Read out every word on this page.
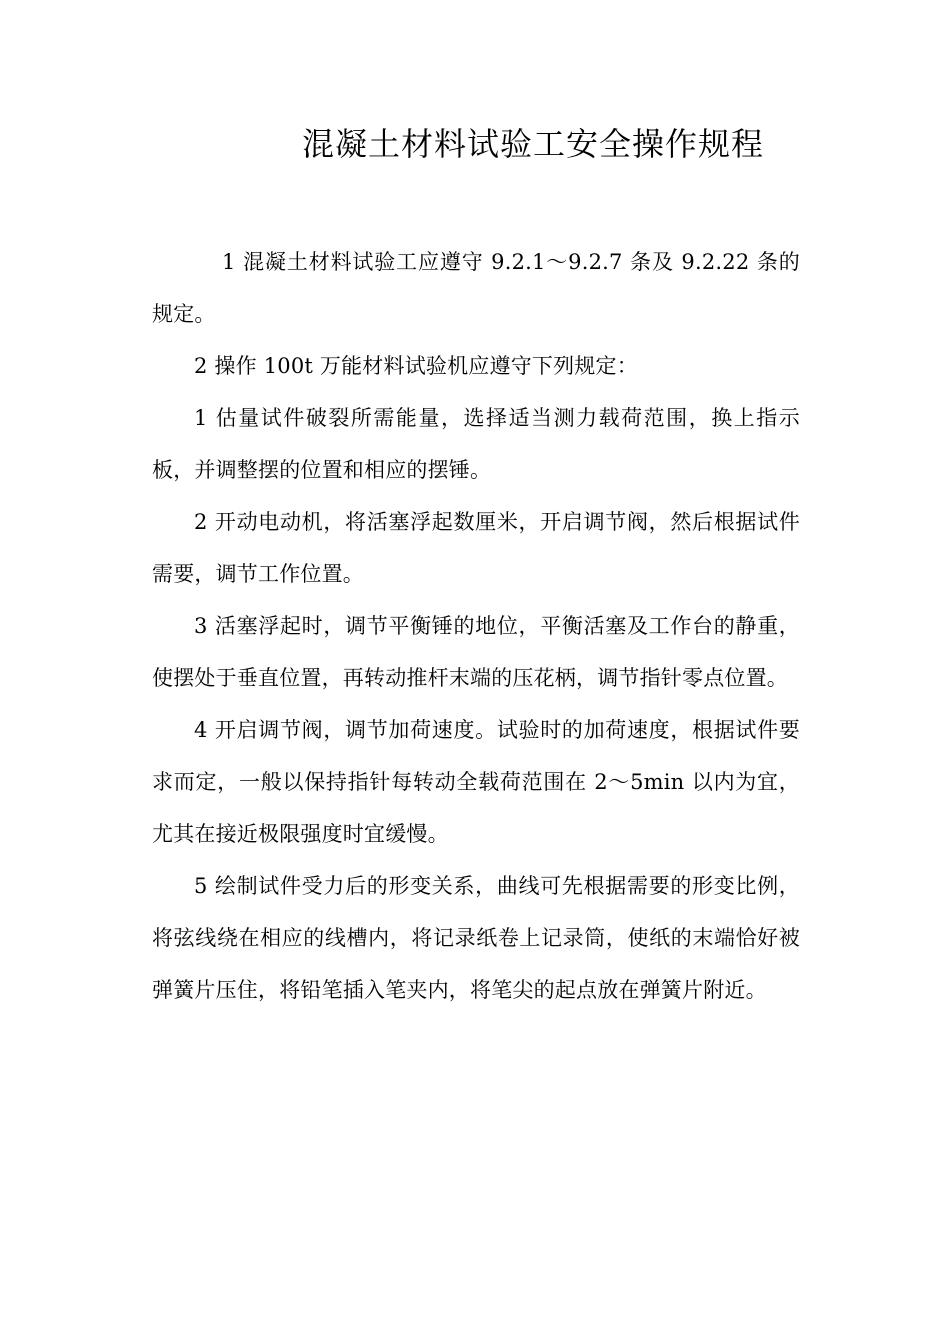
混凝土材料试验工安全操作规程

1 混凝土材料试验工应遵守 9.2.1～9.2.7 条及 9.2.22 条的规定。

2 操作 100t 万能材料试验机应遵守下列规定：

1 估量试件破裂所需能量，选择适当测力载荷范围，换上指示板，并调整摆的位置和相应的摆锤。

2 开动电动机，将活塞浮起数厘米，开启调节阀，然后根据试件需要，调节工作位置。

3 活塞浮起时，调节平衡锤的地位，平衡活塞及工作台的静重，使摆处于垂直位置，再转动推杆末端的压花柄，调节指针零点位置。

4 开启调节阀，调节加荷速度。试验时的加荷速度，根据试件要求而定，一般以保持指针每转动全载荷范围在 2～5min 以内为宜，尤其在接近极限强度时宜缓慢。

5 绘制试件受力后的形变关系，曲线可先根据需要的形变比例，将弦线绕在相应的线槽内，将记录纸卷上记录筒，使纸的末端恰好被弹簧片压住，将铅笔插入笔夹内，将笔尖的起点放在弹簧片附近。
